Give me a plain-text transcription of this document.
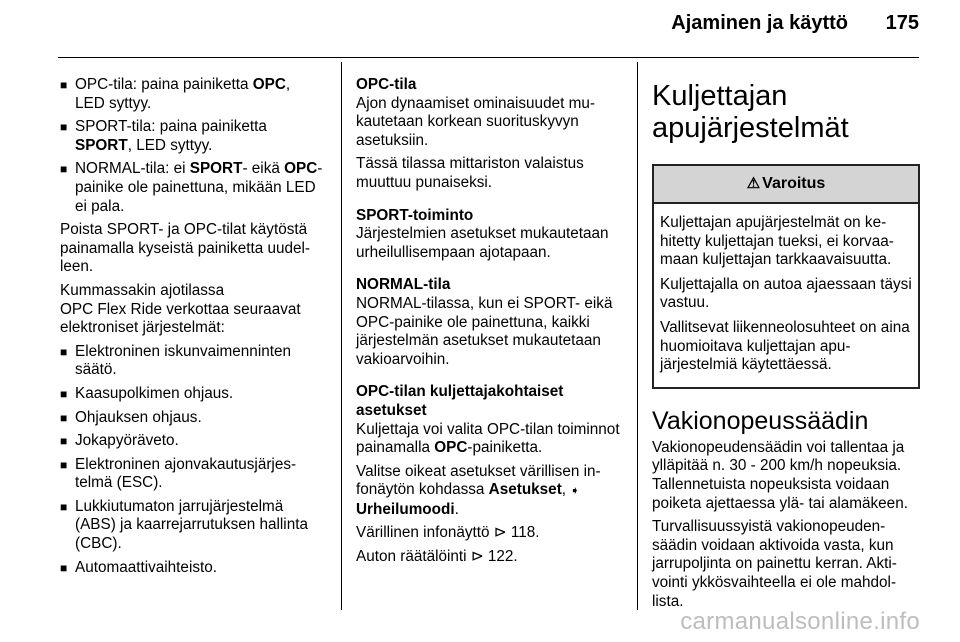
Ajaminen ja käyttö 175
■ OPC-tila: paina painiketta OPC,
LED syttyy.
■ SPORT-tila: paina painiketta SPORT, LED syttyy.
■ NORMAL-tila: ei SPORT- eikä OPC-painike ole painettuna, mikään LED ei pala.
Poista SPORT- ja OPC-tilat käytöstä painamalla kyseistä painiketta uudelleen.
Kummassakin ajotilassa
OPC Flex Ride verkottaa seuraavat elektroniset järjestelmät:
■ Elektroninen iskunvaimenninten säätö.
■ Kaasupolkimen ohjaus.
■ Ohjauksen ohjaus.
■ Jokapyöräveto.
■ Elektroninen ajonvakautusjärjestelmä (ESC).
■ Lukkiutumaton jarrujärjestelmä (ABS) ja kaarrejarrutuksen hallinta (CBC).
■ Automaattivaihteisto.
OPC-tila
Ajon dynaamiset ominaisuudet mukautetaan korkean suorituskyvyn asetuksiin.
Tässä tilassa mittariston valaistus muuttuu punaiseksi.
SPORT-toiminto
Järjestelmien asetukset mukautetaan urheilullisempaan ajotapaan.
NORMAL-tila
NORMAL-tilassa, kun ei SPORT- eikä OPC-painike ole painettuna, kaikki järjestelmän asetukset mukautetaan vakioarvoihin.
OPC-tilan kuljettajakohtaiset asetukset
Kuljettaja voi valita OPC-tilan toiminnot painamalla OPC-painiketta.
Valitse oikeat asetukset värillisen infonäytön kohdassa Asetukset, ➧
Urheilumoodi.
Värillinen infonäyttö ⊳ 118.
Auton räätälöinti ⊳ 122.
Kuljettajan apujärjestelmät
⚠ Varoitus
Kuljettajan apujärjestelmät on kehitetty kuljettajan tueksi, ei korvaamaan kuljettajan tarkkaavaisuutta.
Kuljettajalla on autoa ajaessaan täysi vastuu.
Vallitsevat liikenneolosuhteet on aina huomioitava kuljettajan apujärjestelmiä käytettäessä.
Vakionopeussäädin
Vakionopeudensäädin voi tallentaa ja ylläpitää n. 30 - 200 km/h nopeuksia. Tallennetuista nopeuksista voidaan poiketa ajettaessa ylä- tai alamäkeen.
Turvallisuussyistä vakionopeudensäädin voidaan aktivoida vasta, kun jarrupoljinta on painettu kerran. Aktivointi ykkösvaihteella ei ole mahdollista.
carmanualsonline.info
